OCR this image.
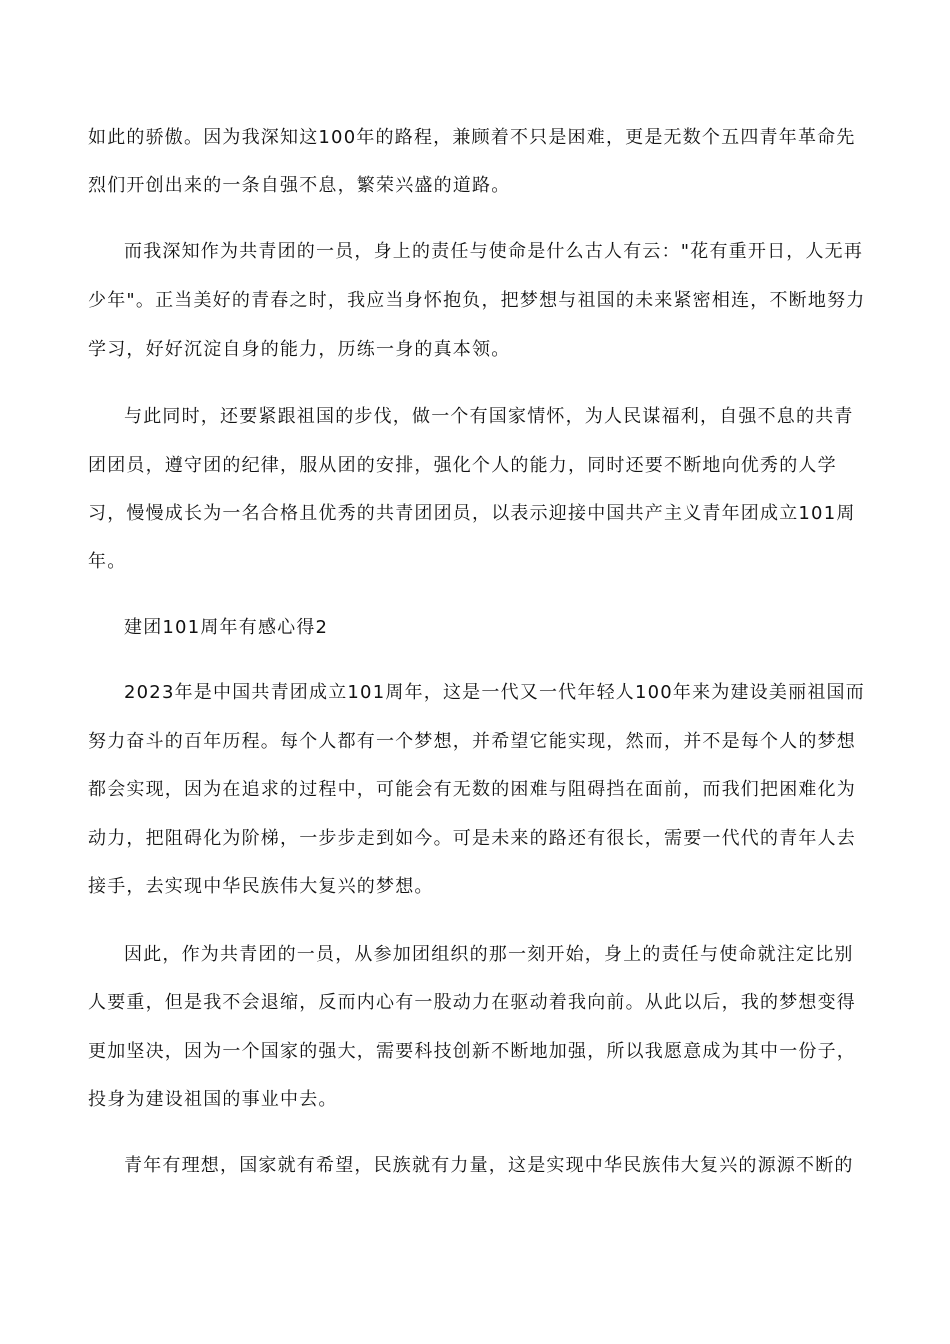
如此的骄傲。因为我深知这100年的路程，兼顾着不只是困难，更是无数个五四青年革命先
烈们开创出来的一条自强不息，繁荣兴盛的道路。
而我深知作为共青团的一员，身上的责任与使命是什么古人有云："花有重开日，人无再
少年"。正当美好的青春之时，我应当身怀抱负，把梦想与祖国的未来紧密相连，不断地努力
学习，好好沉淀自身的能力，历练一身的真本领。
与此同时，还要紧跟祖国的步伐，做一个有国家情怀，为人民谋福利，自强不息的共青
团团员，遵守团的纪律，服从团的安排，强化个人的能力，同时还要不断地向优秀的人学
习，慢慢成长为一名合格且优秀的共青团团员，以表示迎接中国共产主义青年团成立101周
年。
建团101周年有感心得2
2023年是中国共青团成立101周年，这是一代又一代年轻人100年来为建设美丽祖国而
努力奋斗的百年历程。每个人都有一个梦想，并希望它能实现，然而，并不是每个人的梦想
都会实现，因为在追求的过程中，可能会有无数的困难与阻碍挡在面前，而我们把困难化为
动力，把阻碍化为阶梯，一步步走到如今。可是未来的路还有很长，需要一代代的青年人去
接手，去实现中华民族伟大复兴的梦想。
因此，作为共青团的一员，从参加团组织的那一刻开始，身上的责任与使命就注定比别
人要重，但是我不会退缩，反而内心有一股动力在驱动着我向前。从此以后，我的梦想变得
更加坚决，因为一个国家的强大，需要科技创新不断地加强，所以我愿意成为其中一份子，
投身为建设祖国的事业中去。
青年有理想，国家就有希望，民族就有力量，这是实现中华民族伟大复兴的源源不断的
